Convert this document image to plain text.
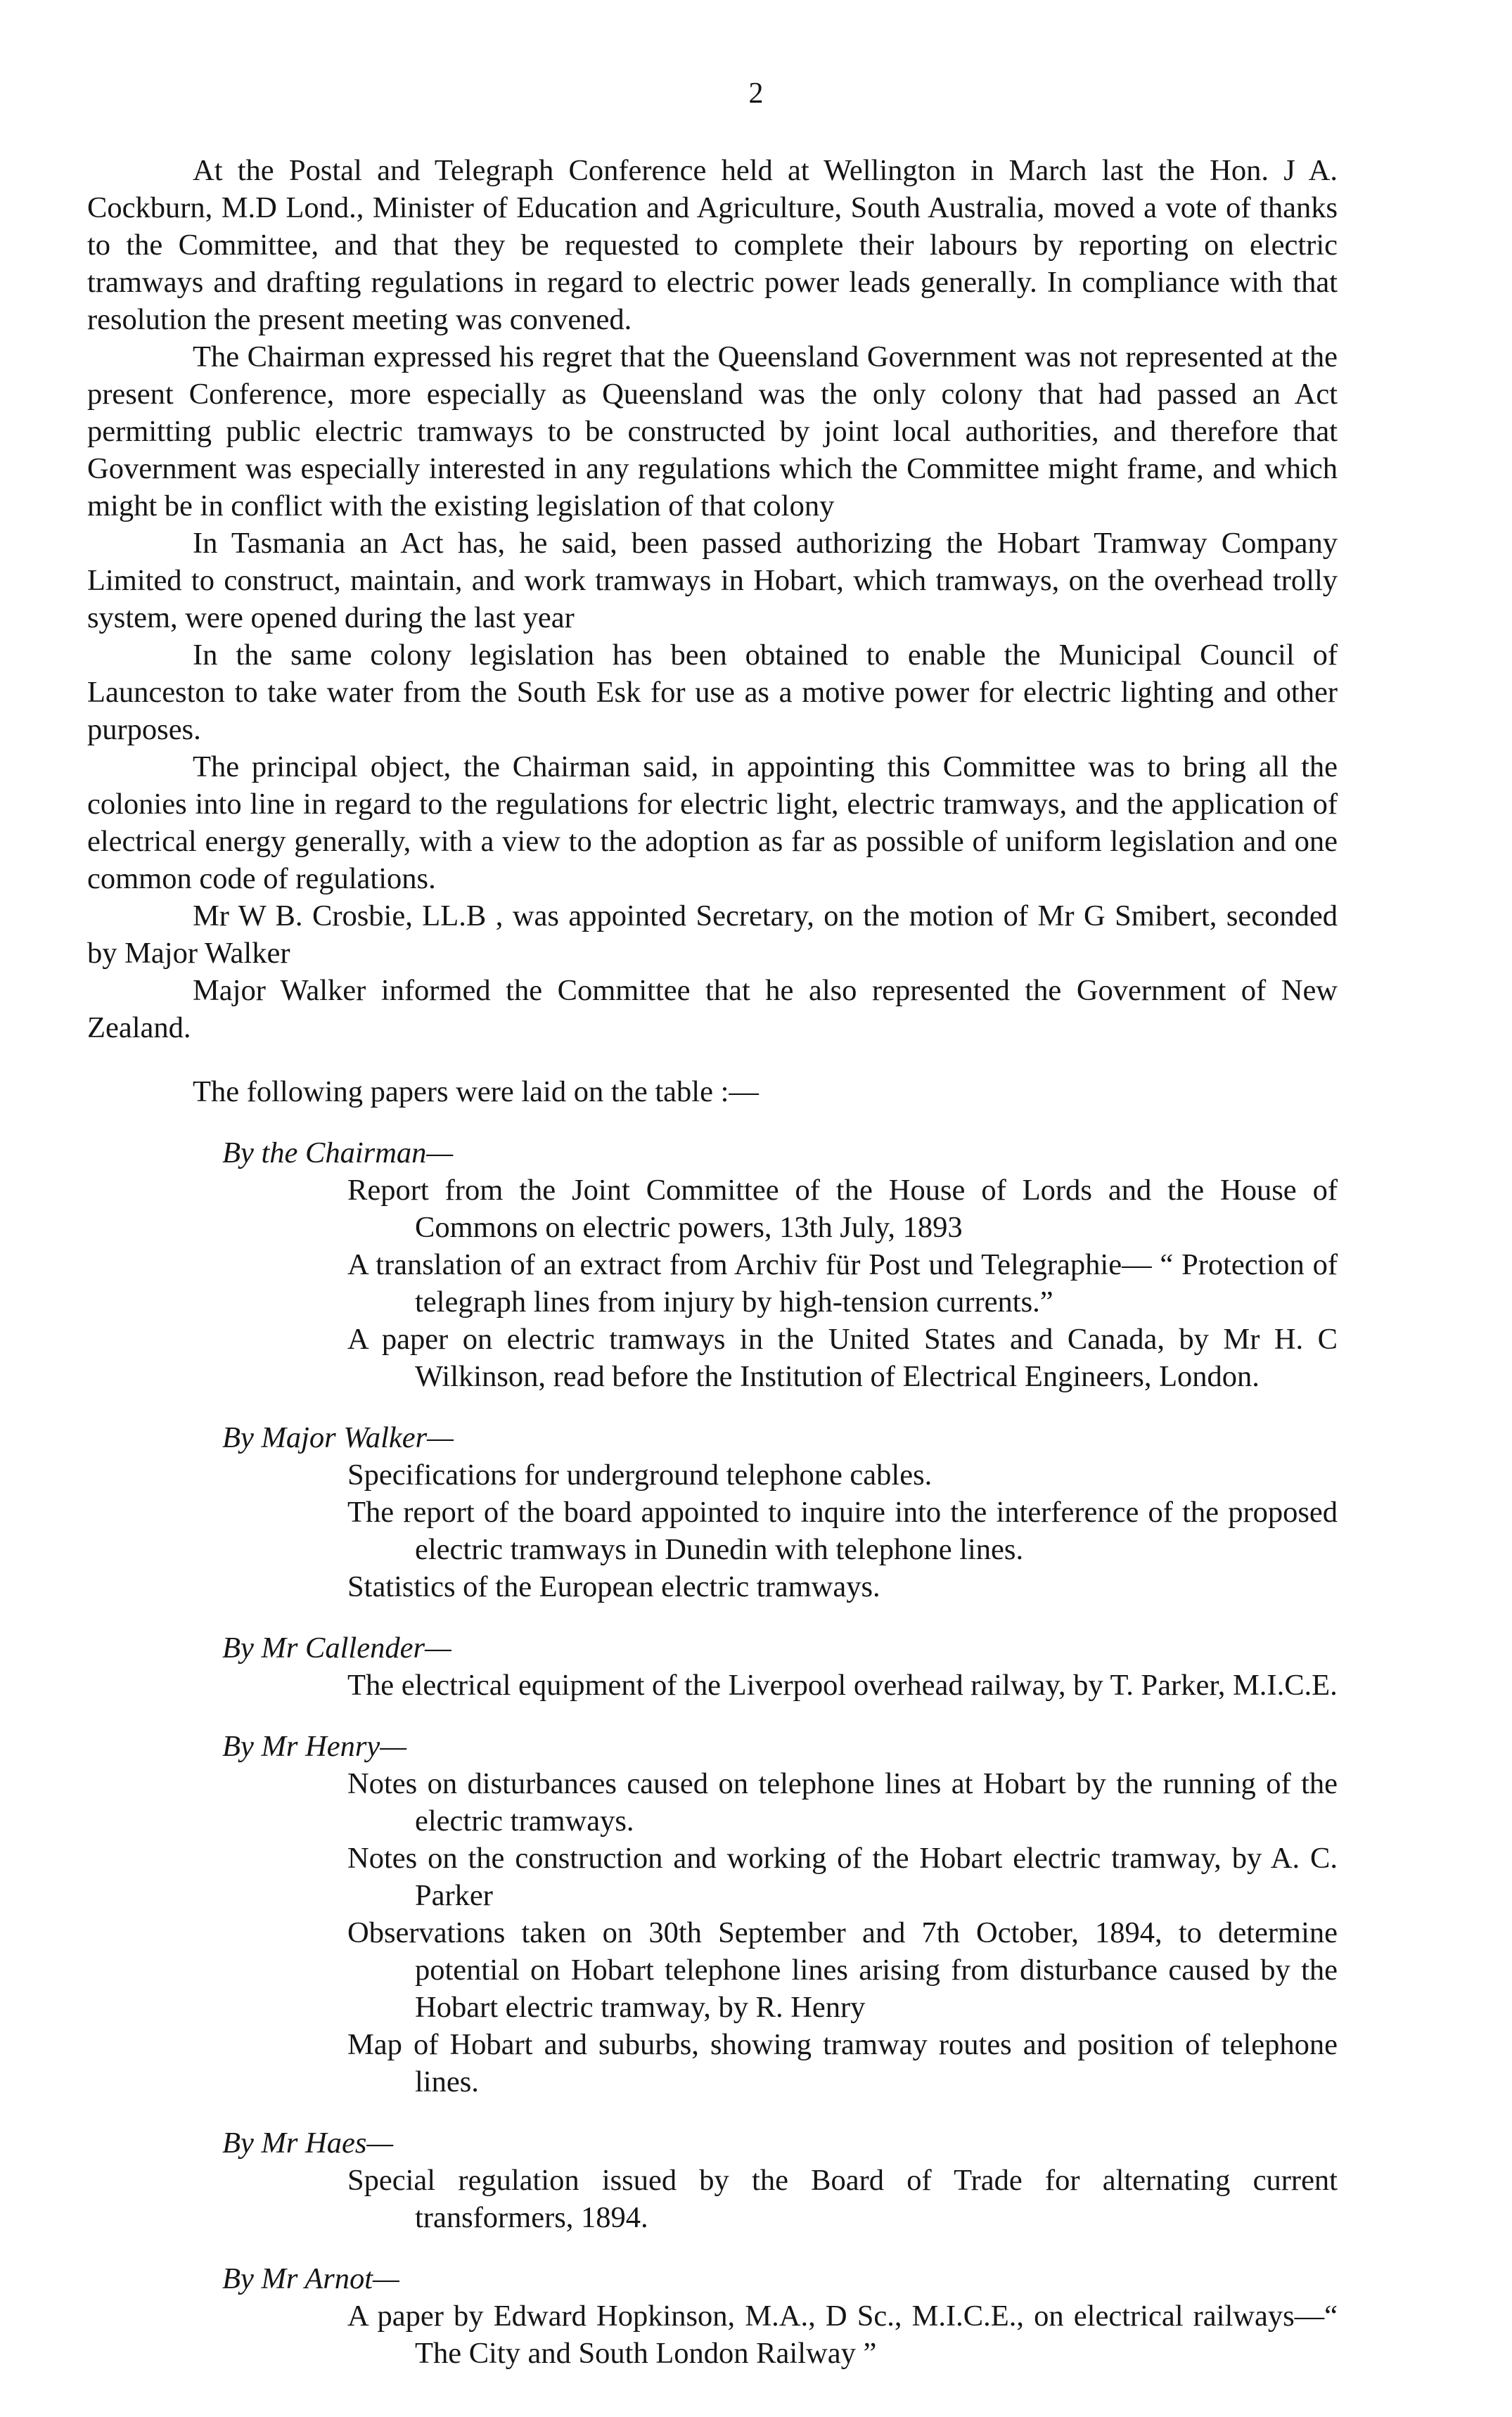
2

At the Postal and Telegraph Conference held at Wellington in March last the Hon. J A. Cockburn, M.D Lond., Minister of Education and Agriculture, South Australia, moved a vote of thanks to the Committee, and that they be requested to complete their labours by reporting on electric tramways and drafting regulations in regard to electric power leads generally. In compliance with that resolution the present meeting was convened.

The Chairman expressed his regret that the Queensland Government was not represented at the present Conference, more especially as Queensland was the only colony that had passed an Act permitting public electric tramways to be constructed by joint local authorities, and therefore that Government was especially interested in any regulations which the Committee might frame, and which might be in conflict with the existing legislation of that colony

In Tasmania an Act has, he said, been passed authorizing the Hobart Tramway Company Limited to construct, maintain, and work tramways in Hobart, which tramways, on the overhead trolly system, were opened during the last year

In the same colony legislation has been obtained to enable the Municipal Council of Launceston to take water from the South Esk for use as a motive power for electric lighting and other purposes.

The principal object, the Chairman said, in appointing this Committee was to bring all the colonies into line in regard to the regulations for electric light, electric tramways, and the application of electrical energy generally, with a view to the adoption as far as possible of uniform legislation and one common code of regulations.

Mr W B. Crosbie, LL.B , was appointed Secretary, on the motion of Mr G Smibert, seconded by Major Walker

Major Walker informed the Committee that he also represented the Government of New Zealand.

The following papers were laid on the table :—

By the Chairman—
Report from the Joint Committee of the House of Lords and the House of Commons on electric powers, 13th July, 1893
A translation of an extract from Archiv für Post und Telegraphie— “ Protection of telegraph lines from injury by high-tension currents.”
A paper on electric tramways in the United States and Canada, by Mr H. C Wilkinson, read before the Institution of Electrical Engineers, London.
By Major Walker—
Specifications for underground telephone cables.
The report of the board appointed to inquire into the interference of the proposed electric tramways in Dunedin with telephone lines.
Statistics of the European electric tramways.
By Mr Callender—
The electrical equipment of the Liverpool overhead railway, by T. Parker, M.I.C.E.
By Mr Henry—
Notes on disturbances caused on telephone lines at Hobart by the running of the electric tramways.
Notes on the construction and working of the Hobart electric tramway, by A. C. Parker
Observations taken on 30th September and 7th October, 1894, to determine potential on Hobart telephone lines arising from disturbance caused by the Hobart electric tramway, by R. Henry
Map of Hobart and suburbs, showing tramway routes and position of telephone lines.
By Mr Haes—
Special regulation issued by the Board of Trade for alternating current transformers, 1894.
By Mr Arnot—
A paper by Edward Hopkinson, M.A., D Sc., M.I.C.E., on electrical railways—“ The City and South London Railway ”
